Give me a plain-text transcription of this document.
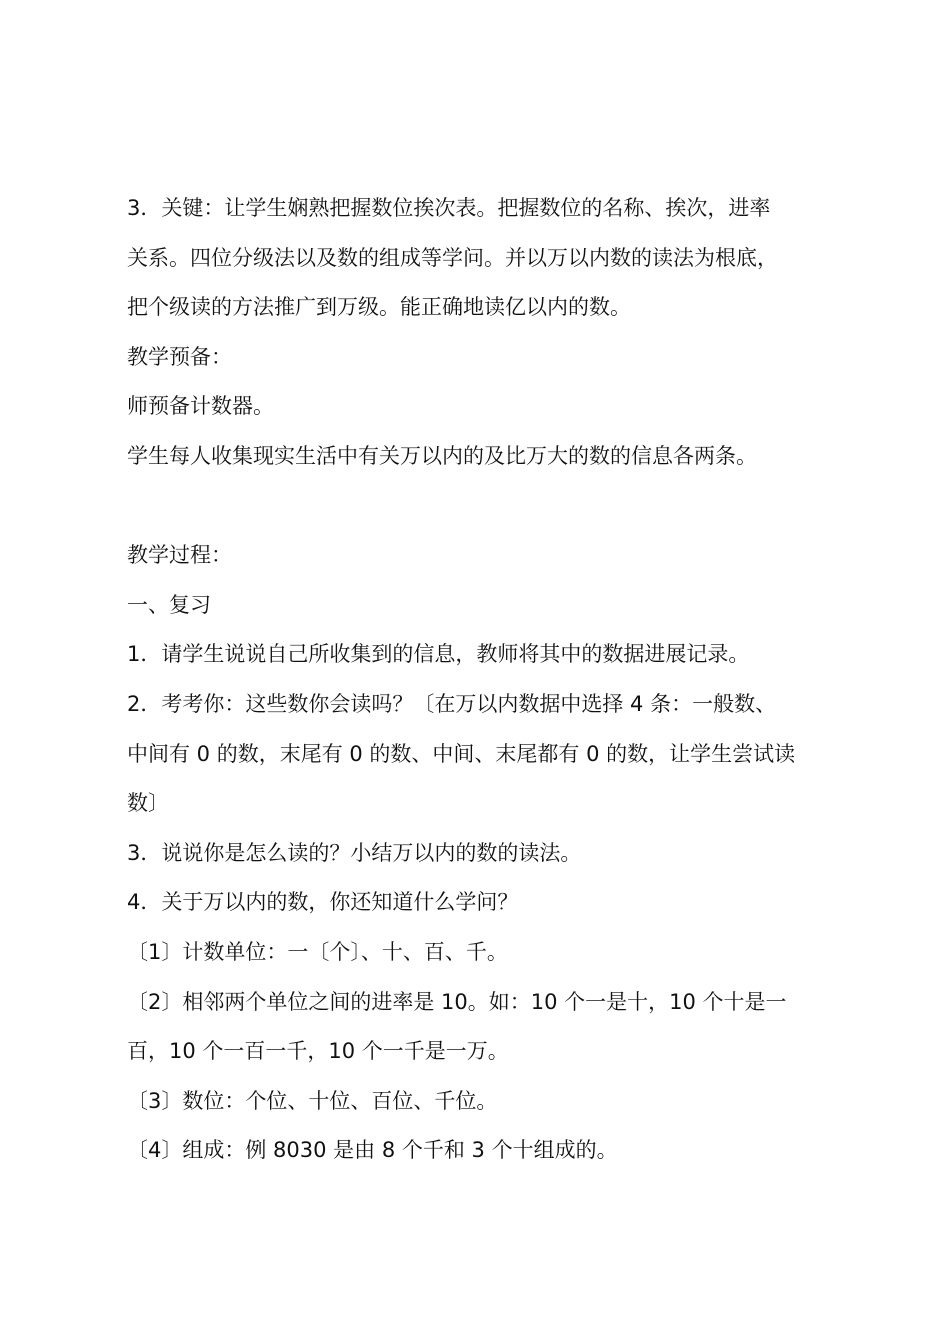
3．关键：让学生娴熟把握数位挨次表。把握数位的名称、挨次，进率

关系。四位分级法以及数的组成等学问。并以万以内数的读法为根底，

把个级读的方法推广到万级。能正确地读亿以内的数。

教学预备：

师预备计数器。

学生每人收集现实生活中有关万以内的及比万大的数的信息各两条。

教学过程：

一、复习

1．请学生说说自己所收集到的信息，教师将其中的数据进展记录。

2．考考你：这些数你会读吗？〔在万以内数据中选择 4 条：一般数、

中间有 0 的数，末尾有 0 的数、中间、末尾都有 0 的数，让学生尝试读

数〕

3．说说你是怎么读的？小结万以内的数的读法。

4．关于万以内的数，你还知道什么学问？

〔1〕计数单位：一〔个〕、十、百、千。

〔2〕相邻两个单位之间的进率是 10。如：10 个一是十，10 个十是一

百，10 个一百一千，10 个一千是一万。

〔3〕数位：个位、十位、百位、千位。

〔4〕组成：例 8030 是由 8 个千和 3 个十组成的。
